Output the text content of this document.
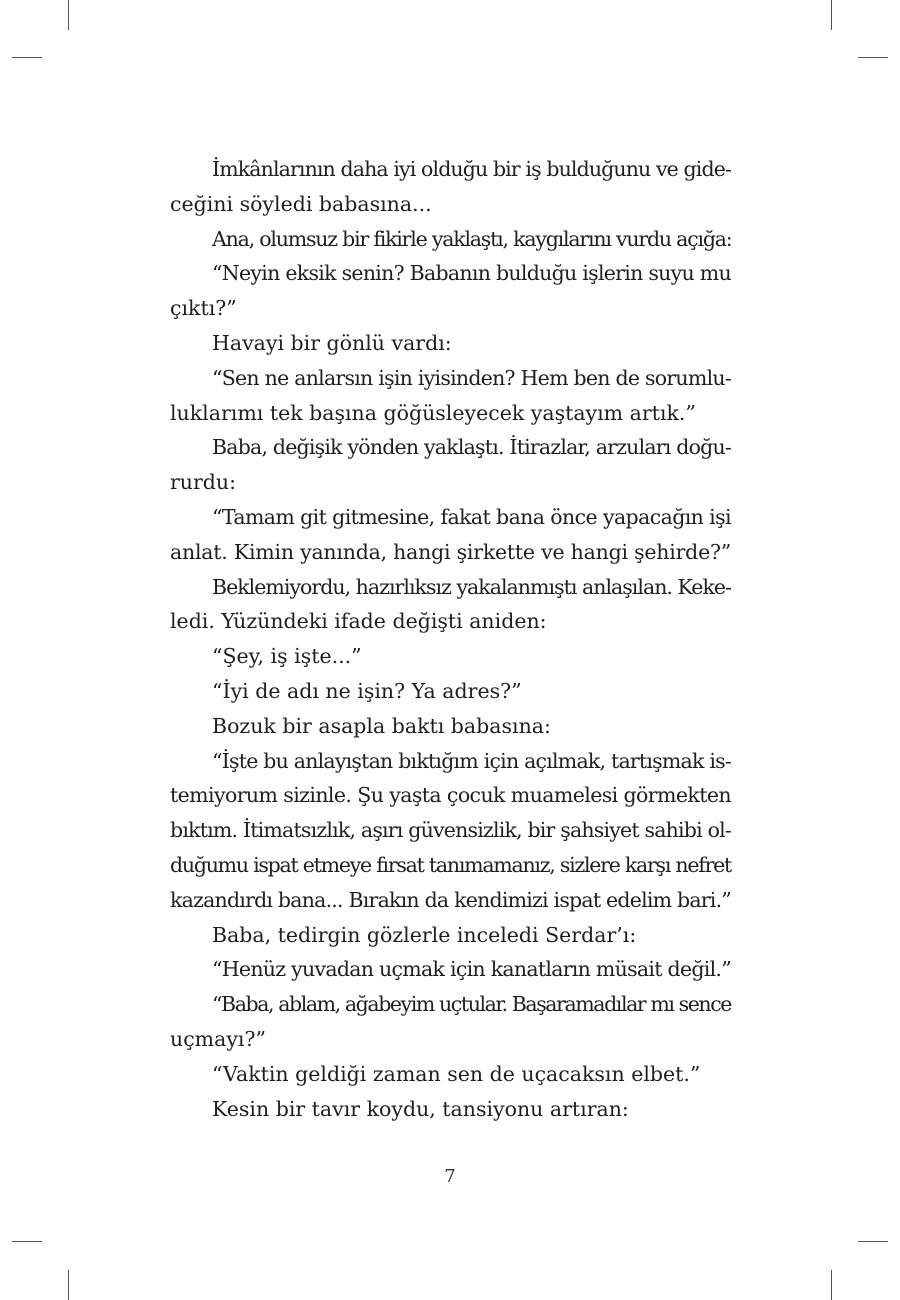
İmkânlarının daha iyi olduğu bir iş bulduğunu ve gide-
ceğini söyledi babasına...
Ana, olumsuz bir fikirle yaklaştı, kaygılarını vurdu açığa:
“Neyin eksik senin? Babanın bulduğu işlerin suyu mu
çıktı?”
Havayi bir gönlü vardı:
“Sen ne anlarsın işin iyisinden? Hem ben de sorumlu-
luklarımı tek başına göğüsleyecek yaştayım artık.”
Baba, değişik yönden yaklaştı. İtirazlar, arzuları doğu-
rurdu:
“Tamam git gitmesine, fakat bana önce yapacağın işi
anlat. Kimin yanında, hangi şirkette ve hangi şehirde?”
Beklemiyordu, hazırlıksız yakalanmıştı anlaşılan. Keke-
ledi. Yüzündeki ifade değişti aniden:
“Şey, iş işte...”
“İyi de adı ne işin? Ya adres?”
Bozuk bir asapla baktı babasına:
“İşte bu anlayıştan bıktığım için açılmak, tartışmak is-
temiyorum sizinle. Şu yaşta çocuk muamelesi görmekten
bıktım. İtimatsızlık, aşırı güvensizlik, bir şahsiyet sahibi ol-
duğumu ispat etmeye fırsat tanımamanız, sizlere karşı nefret
kazandırdı bana... Bırakın da kendimizi ispat edelim bari.”
Baba, tedirgin gözlerle inceledi Serdar’ı:
“Henüz yuvadan uçmak için kanatların müsait değil.”
“Baba, ablam, ağabeyim uçtular. Başaramadılar mı sence
uçmayı?”
“Vaktin geldiği zaman sen de uçacaksın elbet.”
Kesin bir tavır koydu, tansiyonu artıran:
7
